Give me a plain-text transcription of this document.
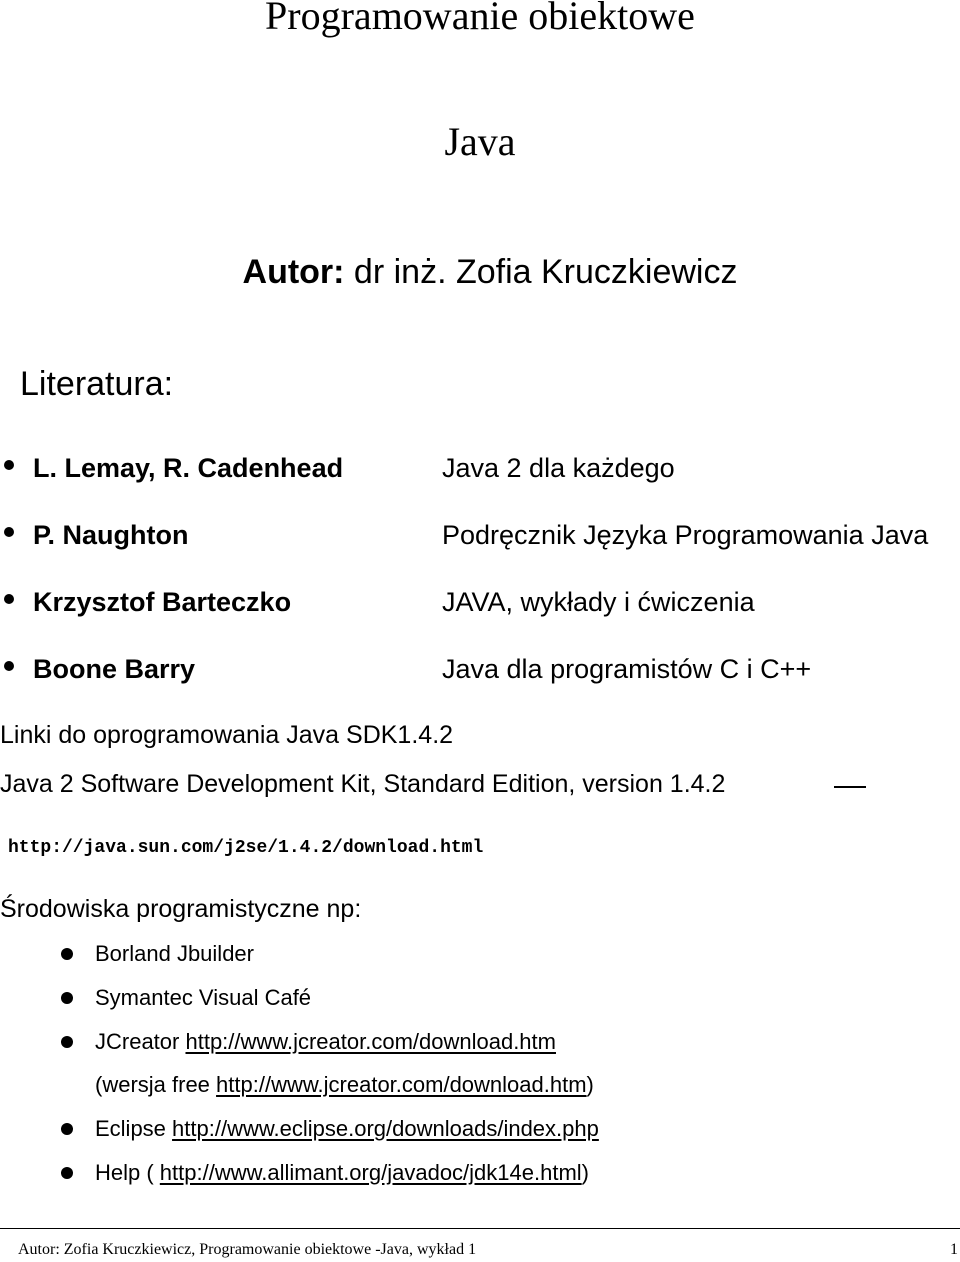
Programowanie obiektowe
Java
Autor: dr inż. Zofia Kruczkiewicz
Literatura:
L. Lemay, R. Cadenhead	Java 2 dla każdego
P. Naughton	Podręcznik Języka Programowania Java
Krzysztof Barteczko	JAVA, wykłady i ćwiczenia
Boone Barry	Java dla programistów C i C++
Linki do oprogramowania Java SDK1.4.2
Java 2 Software Development Kit, Standard Edition, version 1.4.2
http://java.sun.com/j2se/1.4.2/download.html
Środowiska programistyczne np:
Borland Jbuilder
Symantec Visual Café
JCreator http://www.jcreator.com/download.htm
(wersja free http://www.jcreator.com/download.htm)
Eclipse http://www.eclipse.org/downloads/index.php
Help ( http://www.allimant.org/javadoc/jdk14e.html)
Autor: Zofia Kruczkiewicz, Programowanie obiektowe -Java, wykład 1	1
